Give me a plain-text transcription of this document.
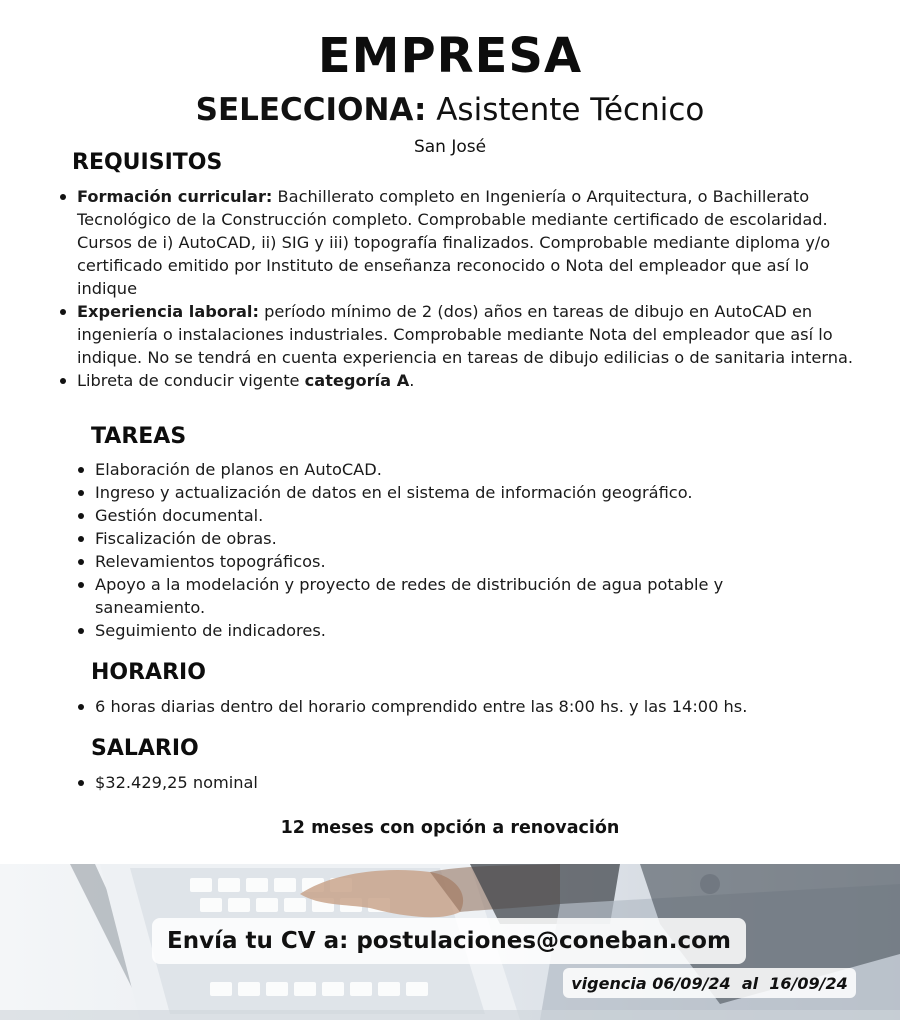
EMPRESA
SELECCIONA: Asistente Técnico
San José
REQUISITOS
Formación curricular: Bachillerato completo en Ingeniería o Arquitectura, o Bachillerato Tecnológico de la Construcción completo. Comprobable mediante certificado de escolaridad. Cursos de i) AutoCAD, ii) SIG y iii) topografía finalizados. Comprobable mediante diploma y/o certificado emitido por Instituto de enseñanza reconocido o Nota del empleador que así lo indique
Experiencia laboral: período mínimo de 2 (dos) años en tareas de dibujo en AutoCAD en ingeniería o instalaciones industriales. Comprobable mediante Nota del empleador que así lo indique. No se tendrá en cuenta experiencia en tareas de dibujo edilicias o de sanitaria interna.
Libreta de conducir vigente categoría A.
TAREAS
Elaboración de planos en AutoCAD.
Ingreso y actualización de datos en el sistema de información geográfico.
Gestión documental.
Fiscalización de obras.
Relevamientos topográficos.
Apoyo a la modelación y proyecto de redes de distribución de agua potable y saneamiento.
Seguimiento de indicadores.
HORARIO
6 horas diarias dentro del horario comprendido entre las 8:00 hs. y las 14:00 hs.
SALARIO
$32.429,25 nominal
12 meses con opción a renovación
Envía tu CV a: postulaciones@coneban.com
vigencia 06/09/24  al  16/09/24
